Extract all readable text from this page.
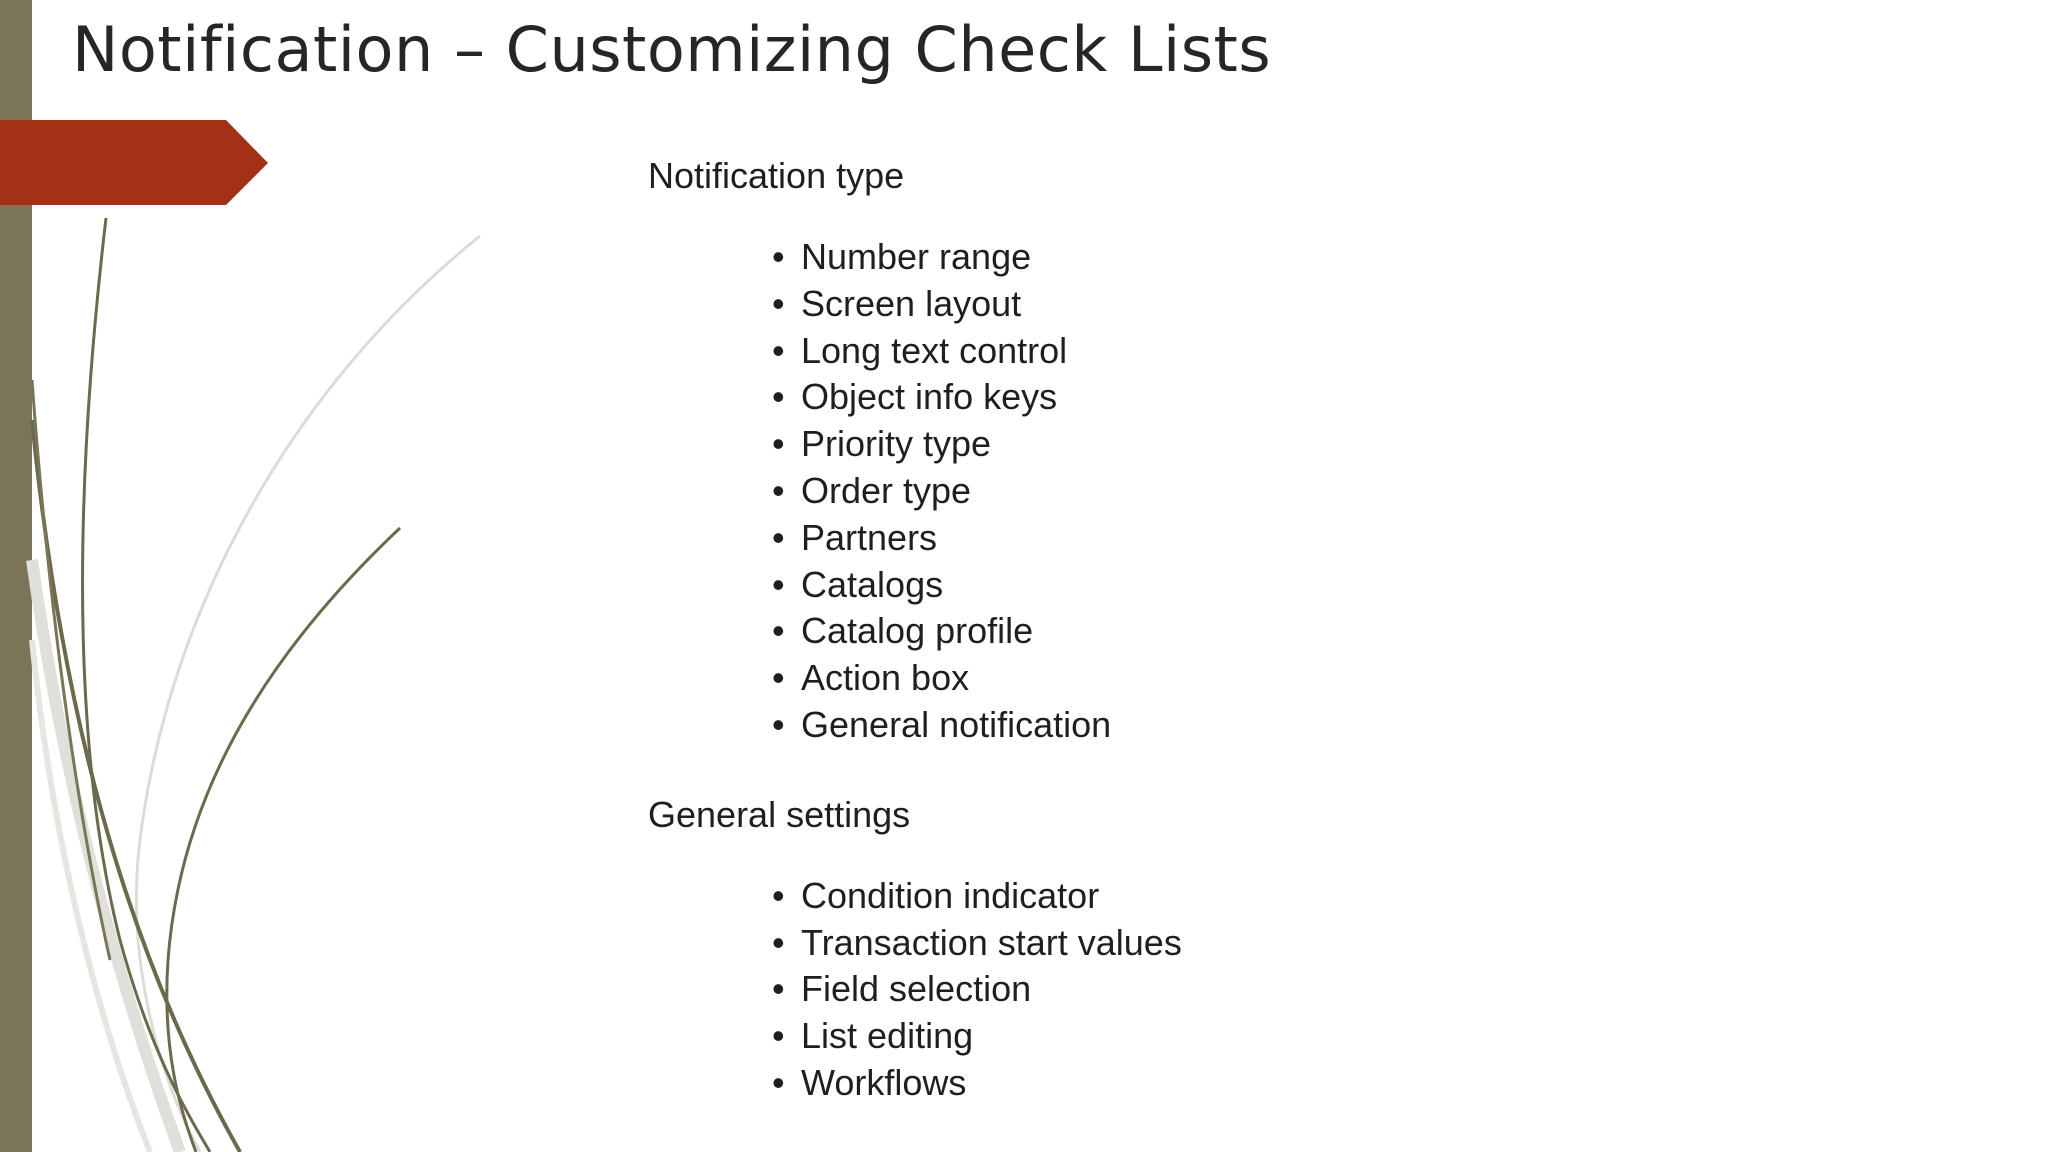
Notification – Customizing Check Lists
Notification type
• Number range
• Screen layout
• Long text control
• Object info keys
• Priority type
• Order type
• Partners
• Catalogs
• Catalog profile
• Action box
• General notification
General settings
• Condition indicator
• Transaction start values
• Field selection
• List editing
• Workflows
